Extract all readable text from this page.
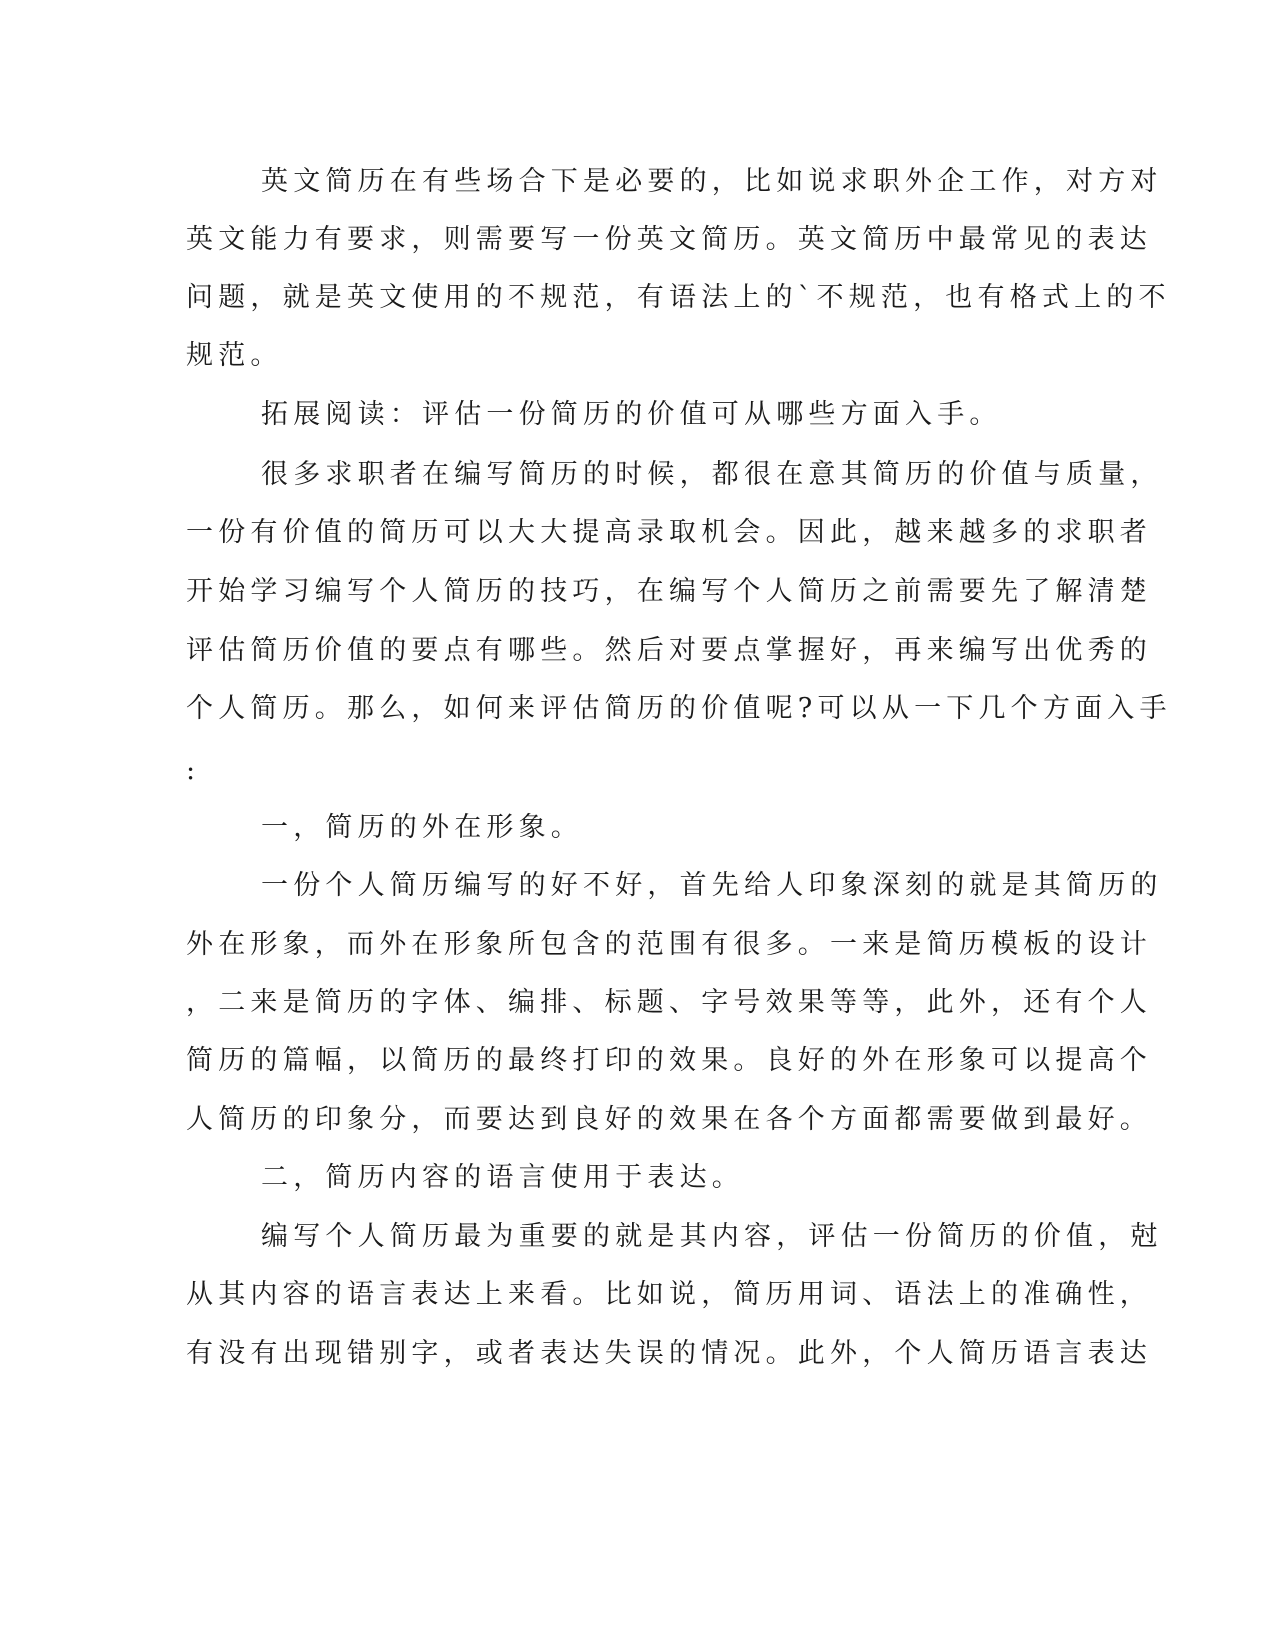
英文简历在有些场合下是必要的，比如说求职外企工作，对方对
英文能力有要求，则需要写一份英文简历。英文简历中最常见的表达
问题，就是英文使用的不规范，有语法上的`不规范，也有格式上的不
规范。
拓展阅读：评估一份简历的价值可从哪些方面入手。
很多求职者在编写简历的时候，都很在意其简历的价值与质量，
一份有价值的简历可以大大提高录取机会。因此，越来越多的求职者
开始学习编写个人简历的技巧，在编写个人简历之前需要先了解清楚
评估简历价值的要点有哪些。然后对要点掌握好，再来编写出优秀的
个人简历。那么，如何来评估简历的价值呢?可以从一下几个方面入手
:
一，简历的外在形象。
一份个人简历编写的好不好，首先给人印象深刻的就是其简历的
外在形象，而外在形象所包含的范围有很多。一来是简历模板的设计
，二来是简历的字体、编排、标题、字号效果等等，此外，还有个人
简历的篇幅，以简历的最终打印的效果。良好的外在形象可以提高个
人简历的印象分，而要达到良好的效果在各个方面都需要做到最好。
二，简历内容的语言使用于表达。
编写个人简历最为重要的就是其内容，评估一份简历的价值，尅
从其内容的语言表达上来看。比如说，简历用词、语法上的准确性，
有没有出现错别字，或者表达失误的情况。此外，个人简历语言表达
